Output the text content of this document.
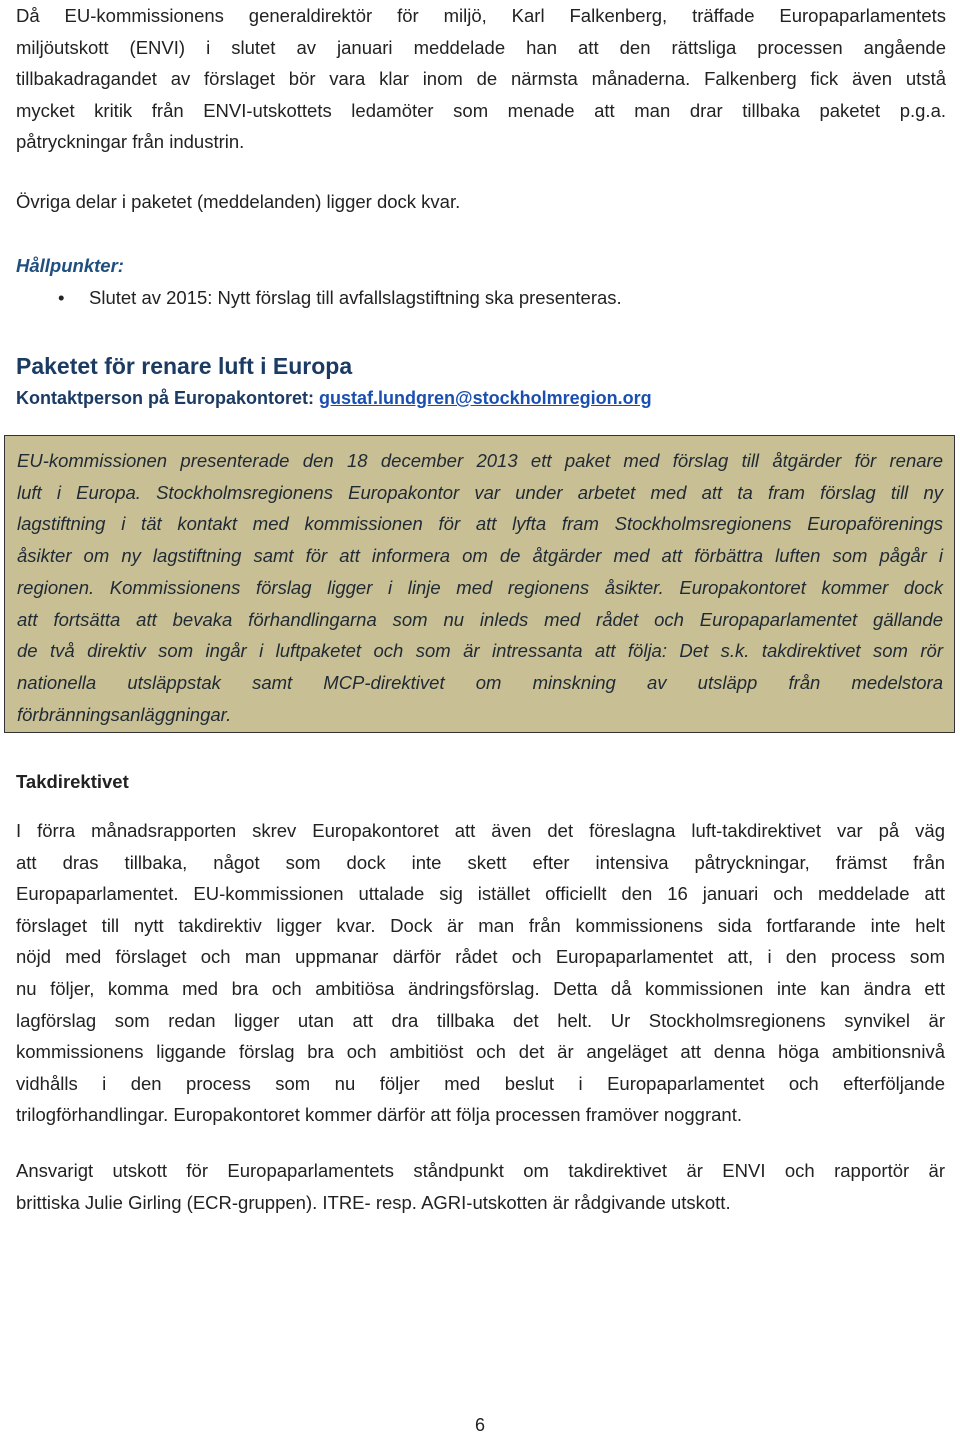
Då EU-kommissionens generaldirektör för miljö, Karl Falkenberg, träffade Europaparlamentets

miljöutskott (ENVI) i slutet av januari meddelade han att den rättsliga processen angående

tillbakadragandet av förslaget bör vara klar inom de närmsta månaderna. Falkenberg fick även utstå

mycket kritik från ENVI-utskottets ledamöter som menade att man drar tillbaka paketet p.g.a.

påtryckningar från industrin.

Övriga delar i paketet (meddelanden) ligger dock kvar.

Hållpunkter:

• Slutet av 2015: Nytt förslag till avfallslagstiftning ska presenteras.
Paketet för renare luft i Europa

Kontaktperson på Europakontoret: gustaf.lundgren@stockholmregion.org

EU-kommissionen presenterade den 18 december 2013 ett paket med förslag till åtgärder för renare

luft i Europa. Stockholmsregionens Europakontor var under arbetet med att ta fram förslag till ny

lagstiftning i tät kontakt med kommissionen för att lyfta fram Stockholmsregionens Europaförenings

åsikter om ny lagstiftning samt för att informera om de åtgärder med att förbättra luften som pågår i

regionen. Kommissionens förslag ligger i linje med regionens åsikter. Europakontoret kommer dock

att fortsätta att bevaka förhandlingarna som nu inleds med rådet och Europaparlamentet gällande

de två direktiv som ingår i luftpaketet och som är intressanta att följa: Det s.k. takdirektivet som rör

nationella utsläppstak samt MCP-direktivet om minskning av utsläpp från medelstora

förbränningsanläggningar.

Takdirektivet

I förra månadsrapporten skrev Europakontoret att även det föreslagna luft-takdirektivet var på väg

att dras tillbaka, något som dock inte skett efter intensiva påtryckningar, främst från

Europaparlamentet. EU-kommissionen uttalade sig istället officiellt den 16 januari och meddelade att

förslaget till nytt takdirektiv ligger kvar. Dock är man från kommissionens sida fortfarande inte helt

nöjd med förslaget och man uppmanar därför rådet och Europaparlamentet att, i den process som

nu följer, komma med bra och ambitiösa ändringsförslag. Detta då kommissionen inte kan ändra ett

lagförslag som redan ligger utan att dra tillbaka det helt. Ur Stockholmsregionens synvikel är

kommissionens liggande förslag bra och ambitiöst och det är angeläget att denna höga ambitionsnivå

vidhålls i den process som nu följer med beslut i Europaparlamentet och efterföljande

trilogförhandlingar. Europakontoret kommer därför att följa processen framöver noggrant.

Ansvarigt utskott för Europaparlamentets ståndpunkt om takdirektivet är ENVI och rapportör är

brittiska Julie Girling (ECR-gruppen). ITRE- resp. AGRI-utskotten är rådgivande utskott.

6
